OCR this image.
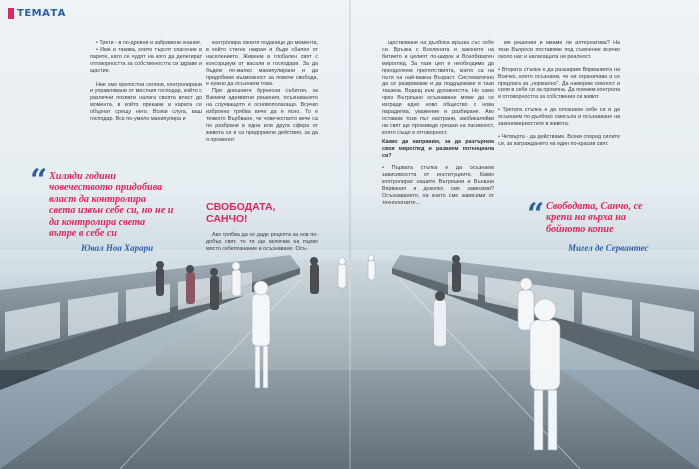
ТЕМАТА

• Трети - в по-древни и забравени знания.

• Има и такива, които търсят спасение в парите, като се чудят на кого да делегират отговорността за собствеността си здраве и щастие.

Ние сме крепостни селяни, контролирани и управлявани от местния господар, който с различни похвати налага своята власт до момента, в който прекаме и карата се обърнат срещу него. Всеки слуга, ваш господар. Все по-умело манипулира и

контролира своите поданици до момента, в който стигне накрая и бъде сбален от населението. Живеем в глобален свят с консорциум от васали и господари. За да бъдем по-малко манипулирани и да придобием възможност за повече свобода, е нужно да осъзнаем това.

При днешните бурнесни събития, за Вземем адекватни решения, осъзнаването на случващото е основополагащо. Всичко изброено трябва вече да е ясно. То е тежкото Върбване, че човечеството вече са по разбрани в една или друга сфера от живота си и са предприели действия, за да я променят.

СВОБОДАТА, САНЧО!

Ако трябва да се даде рецепта за нов по-добър свят, то тя ще включва на първо място себепознание и осъзнаване. Осъ-

ществяване на дълбока връзка със себе си. Връзка с Вселената и законите на битието и целият по-широк и Всеобхватен мироглед. За тази цел е необходимо да преодолеем препятствията, които са на пътя на най-важна Възраст. Систематично да се разкриваме и да поддържаме в тази тишина. Водещ към духовността. Но само чрез Вътрешно осъзнаване може да се изгради едно ново общество с нова парадигма, уважение и разбиране. Ако оставим този път настрани, заобикаляйки ни свят ще произведе грешки на пасивност, която също е отговорност.

Какво да направим, за да разгърнем своя мироглед и развием потенциала си?

• Първата стъпка е да осъзнаем зависимостта от институциите. Какво контролират нашите Вътрешни и Външни Вярвания и доколко сме зависими? Осъзнаването, на които сме зависими от технологиите...

ме решения и имаме ли алтернатива? На тези Въпроси поставяме под съмнение всичко около нас и налагащата ни реалност.

• Втората стъпка е да разширим Вярванията на Всичко, което осъзнаем, че ни ограничава и се предлага за „нормално“. Да намерим смелост и сили в себе си за промяна. Да поемем контрола и отговорността за собствения си живот.

• Третата стъпка е да опознаем себе си и да осъзнаем по-дълбоко смисъла и осъзнаване на закономерностите в живота.

• Четвърта - да действаме. Всеки според силите си, за изграждането на един по-красив свят.

“ Хиляди години човечеството придобива власт да контролира света извън себе си, но не и да контролира света вътре в себе си
Ювал Ноа Харари
“ Свободата, Санчо, се крепи на върха на бойното копие
Мигел де Сервантес
